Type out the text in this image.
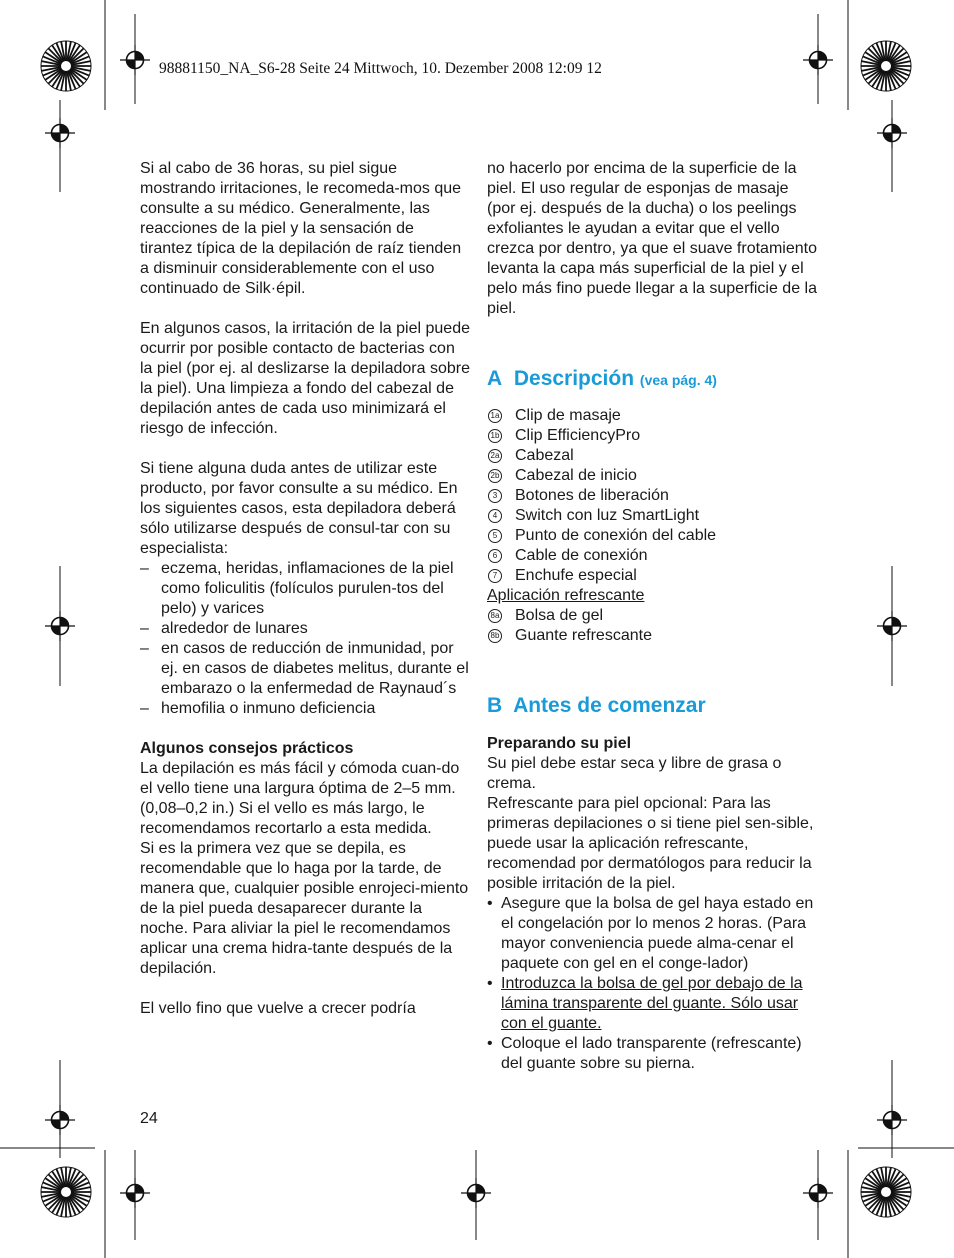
98881150_NA_S6-28 Seite 24 Mittwoch, 10. Dezember 2008 12:09 12

Si al cabo de 36 horas, su piel sigue mostrando irritaciones, le recomeda-mos que consulte a su médico. Generalmente, las reacciones de la piel y la sensación de tirantez típica de la depilación de raíz tienden a disminuir considerablemente con el uso continuado de Silk·épil.

En algunos casos, la irritación de la piel puede ocurrir por posible contacto de bacterias con la piel (por ej. al deslizarse la depiladora sobre la piel). Una limpieza a fondo del cabezal de depilación antes de cada uso minimizará el riesgo de infección.

Si tiene alguna duda antes de utilizar este producto, por favor consulte a su médico. En los siguientes casos, esta depiladora deberá sólo utilizarse después de consul-tar con su especialista:

– eczema, heridas, inflamaciones de la piel como foliculitis (folículos purulen-tos del pelo) y varices

– alrededor de lunares

– en casos de reducción de inmunidad, por ej. en casos de diabetes melitus, durante el embarazo o la enfermedad de Raynaud´s

– hemofilia o inmuno deficiencia

Algunos consejos prácticos

La depilación es más fácil y cómoda cuan-do el vello tiene una largura óptima de 2–5 mm. (0,08–0,2 in.) Si el vello es más largo, le recomendamos recortarlo a esta medida.

Si es la primera vez que se depila, es recomendable que lo haga por la tarde, de manera que, cualquier posible enrojeci-miento de la piel pueda desaparecer durante la noche. Para aliviar la piel le recomendamos aplicar una crema hidra-tante después de la depilación.

El vello fino que vuelve a crecer podría

no hacerlo por encima de la superficie de la piel. El uso regular de esponjas de masaje (por ej. después de la ducha) o los peelings exfoliantes le ayudan a evitar que el vello crezca por dentro, ya que el suave frotamiento levanta la capa más superficial de la piel y el pelo más fino puede llegar a la superficie de la piel.

A Descripción (vea pág. 4)

1a Clip de masaje
1b Clip EfficiencyPro
2a Cabezal
2b Cabezal de inicio
3 Botones de liberación
4 Switch con luz SmartLight
5 Punto de conexión del cable
6 Cable de conexión
7 Enchufe especial

Aplicación refrescante

8a Bolsa de gel
8b Guante refrescante

B Antes de comenzar

Preparando su piel

Su piel debe estar seca y libre de grasa o crema.

Refrescante para piel opcional: Para las primeras depilaciones o si tiene piel sen-sible, puede usar la aplicación refrescante, recomendad por dermatólogos para reducir la posible irritación de la piel.

• Asegure que la bolsa de gel haya estado en el congelación por lo menos 2 horas. (Para mayor conveniencia puede alma-cenar el paquete con gel en el conge-lador)

• Introduzca la bolsa de gel por debajo de la lámina transparente del guante. Sólo usar con el guante.

• Coloque el lado transparente (refrescante) del guante sobre su pierna.

24
